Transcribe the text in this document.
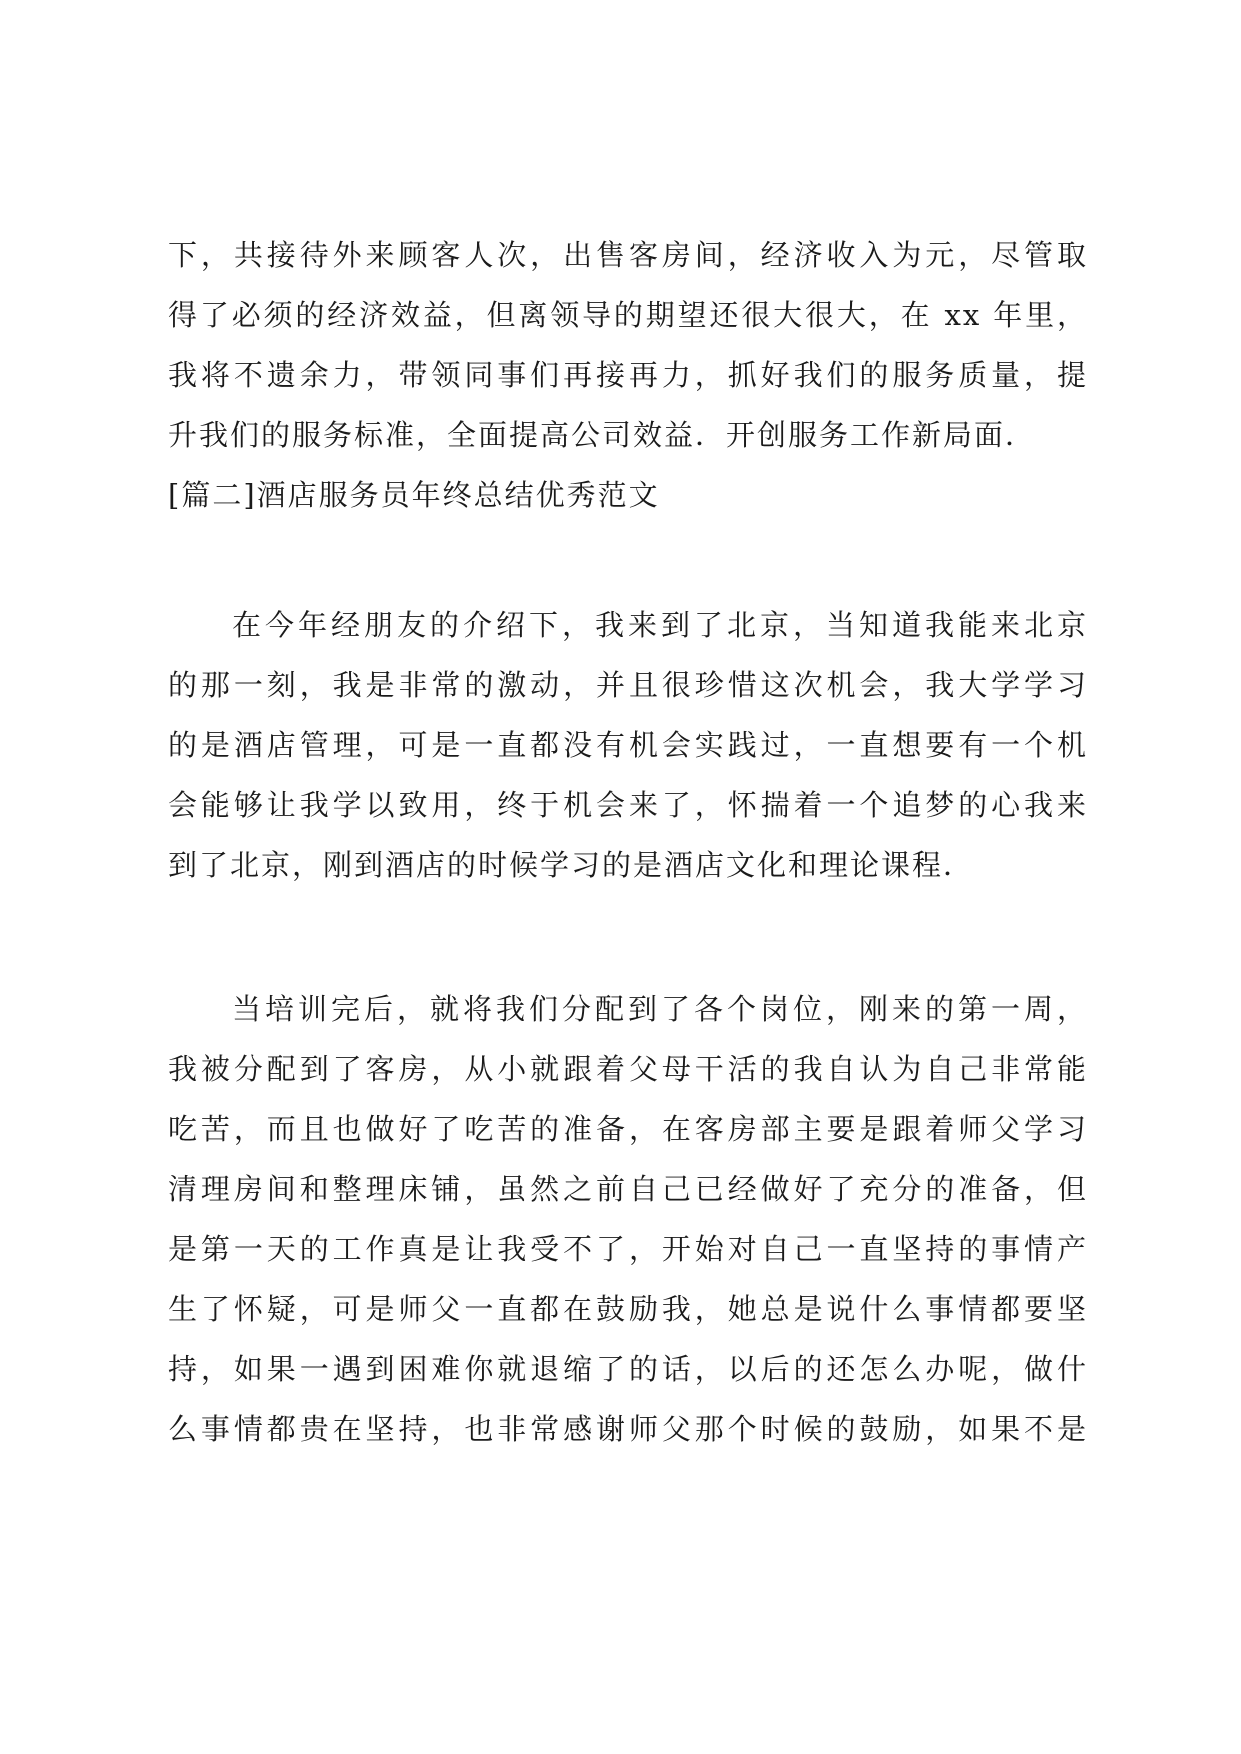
下，共接待外来顾客人次，出售客房间，经济收入为元，尽管取
得了必须的经济效益，但离领导的期望还很大很大，在 xx 年里，
我将不遗余力，带领同事们再接再力，抓好我们的服务质量，提
升我们的服务标准，全面提高公司效益．开创服务工作新局面．
[篇二]酒店服务员年终总结优秀范文
在今年经朋友的介绍下，我来到了北京，当知道我能来北京
的那一刻，我是非常的激动，并且很珍惜这次机会，我大学学习
的是酒店管理，可是一直都没有机会实践过，一直想要有一个机
会能够让我学以致用，终于机会来了，怀揣着一个追梦的心我来
到了北京，刚到酒店的时候学习的是酒店文化和理论课程．
当培训完后，就将我们分配到了各个岗位，刚来的第一周，
我被分配到了客房，从小就跟着父母干活的我自认为自己非常能
吃苦，而且也做好了吃苦的准备，在客房部主要是跟着师父学习
清理房间和整理床铺，虽然之前自己已经做好了充分的准备，但
是第一天的工作真是让我受不了，开始对自己一直坚持的事情产
生了怀疑，可是师父一直都在鼓励我，她总是说什么事情都要坚
持，如果一遇到困难你就退缩了的话，以后的还怎么办呢，做什
么事情都贵在坚持，也非常感谢师父那个时候的鼓励，如果不是
